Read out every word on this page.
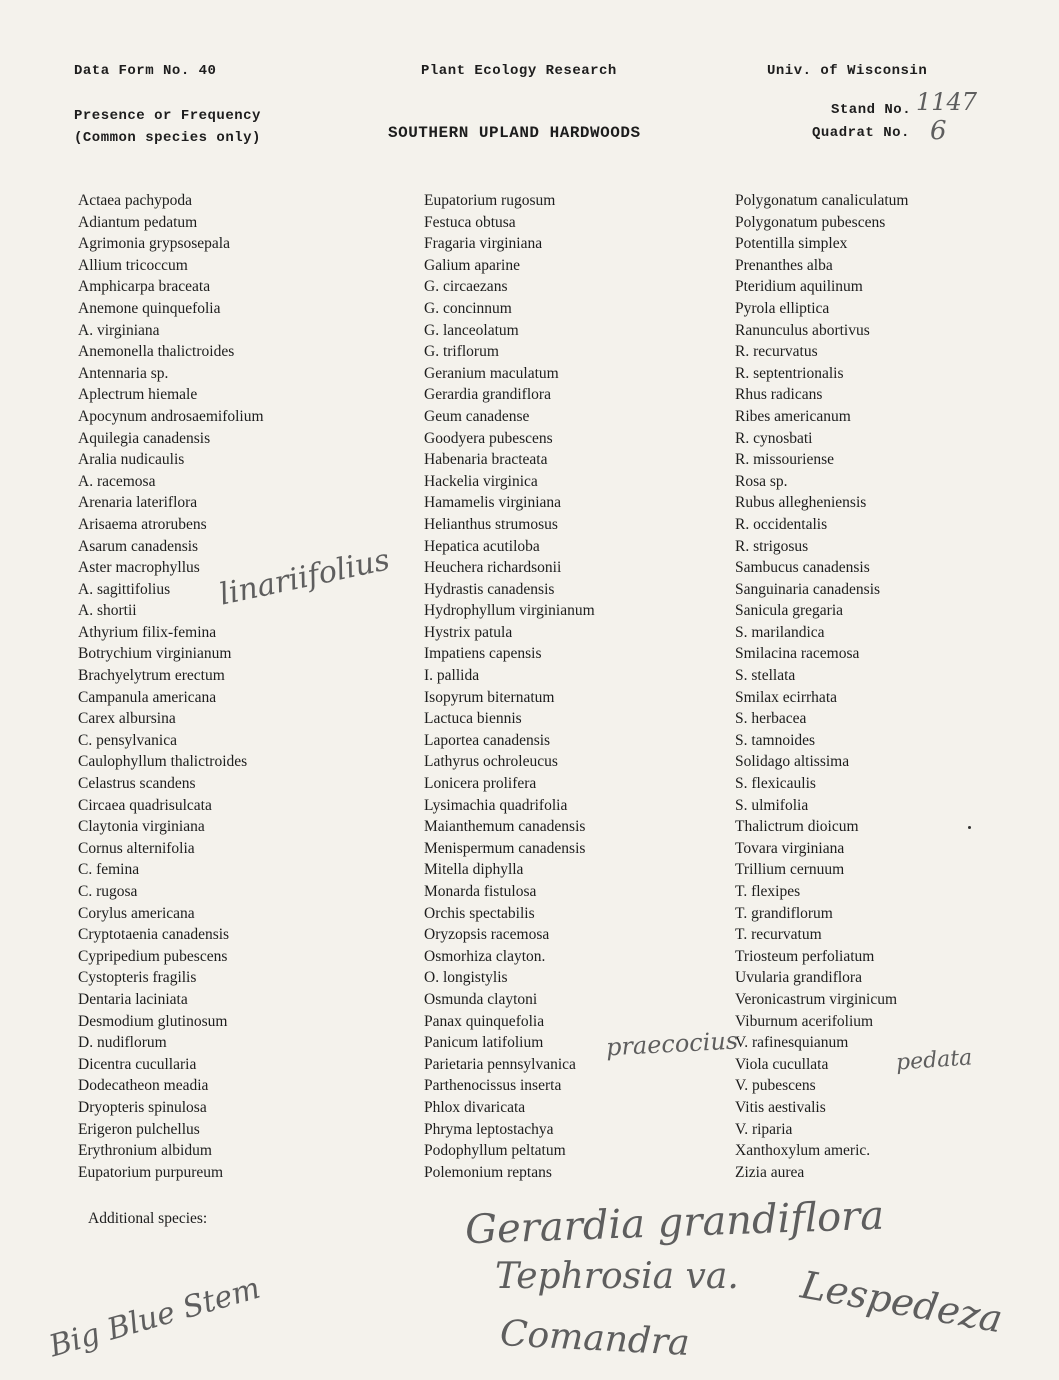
Data Form No. 40
Presence or Frequency
(Common species only)
Plant Ecology Research
SOUTHERN UPLAND HARDWOODS
Univ. of Wisconsin
Stand No. 1147
Quadrat No. 6
Actaea pachypoda
Adiantum pedatum
Agrimonia grypsosepala
Allium tricoccum
Amphicarpa braceata
Anemone quinquefolia
A. virginiana
Anemonella thalictroides
Antennaria sp.
Aplectrum hiemale
Apocynum androsaemifolium
Aquilegia canadensis
Aralia nudicaulis
A. racemosa
Arenaria lateriflora
Arisaema atrorubens
Asarum canadensis
Aster macrophyllus
A. sagittifolius
A. shortii
Athyrium filix-femina
Botrychium virginianum
Brachyelytrum erectum
Campanula americana
Carex albursina
C. pensylvanica
Caulophyllum thalictroides
Celastrus scandens
Circaea quadrisulcata
Claytonia virginiana
Cornus alternifolia
C. femina
C. rugosa
Corylus americana
Cryptotaenia canadensis
Cypripedium pubescens
Cystopteris fragilis
Dentaria laciniata
Desmodium glutinosum
D. nudiflorum
Dicentra cucullaria
Dodecatheon meadia
Dryopteris spinulosa
Erigeron pulchellus
Erythronium albidum
Eupatorium purpureum
Eupatorium rugosum
Festuca obtusa
Fragaria virginiana
Galium aparine
G. circaezans
G. concinnum
G. lanceolatum
G. triflorum
Geranium maculatum
Gerardia grandiflora
Geum canadense
Goodyera pubescens
Habenaria bracteata
Hackelia virginica
Hamamelis virginiana
Helianthus strumosus
Hepatica acutiloba
Heuchera richardsonii
Hydrastis canadensis
Hydrophyllum virginianum
Hystrix patula
Impatiens capensis
I. pallida
Isopyrum biternatum
Lactuca biennis
Laportea canadensis
Lathyrus ochroleucus
Lonicera prolifera
Lysimachia quadrifolia
Maianthemum canadensis
Menispermum canadensis
Mitella diphylla
Monarda fistulosa
Orchis spectabilis
Oryzopsis racemosa
Osmorhiza clayton.
O. longistylis
Osmunda claytoni
Panax quinquefolia
Panicum latifolium
Parietaria pennsylvanica
Parthenocissus inserta
Phlox divaricata
Phryma leptostachya
Podophyllum peltatum
Polemonium reptans
Polygonatum canaliculatum
Polygonatum pubescens
Potentilla simplex
Prenanthes alba
Pteridium aquilinum
Pyrola elliptica
Ranunculus abortivus
R. recurvatus
R. septentrionalis
Rhus radicans
Ribes americanum
R. cynosbati
R. missouriense
Rosa sp.
Rubus allegheniensis
R. occidentalis
R. strigosus
Sambucus canadensis
Sanguinaria canadensis
Sanicula gregaria
S. marilandica
Smilacina racemosa
S. stellata
Smilax ecirrhata
S. herbacea
S. tamnoides
Solidago altissima
S. flexicaulis
S. ulmifolia
Thalictrum dioicum
Tovara virginiana
Trillium cernuum
T. flexipes
T. grandiflorum
T. recurvatum
Triosteum perfoliatum
Uvularia grandiflora
Veronicastrum virginicum
Viburnum acerifolium
V. rafinesquianum
Viola cucullata
V. pubescens
Vitis aestivalis
V. riparia
Xanthoxylum americ.
Zizia aurea
linariifolius
praecocius	pedata
Additional species:	Gerardia grandiflora
Tephrosia va.
Big Blue Stem	Comandra	Lespedeza
